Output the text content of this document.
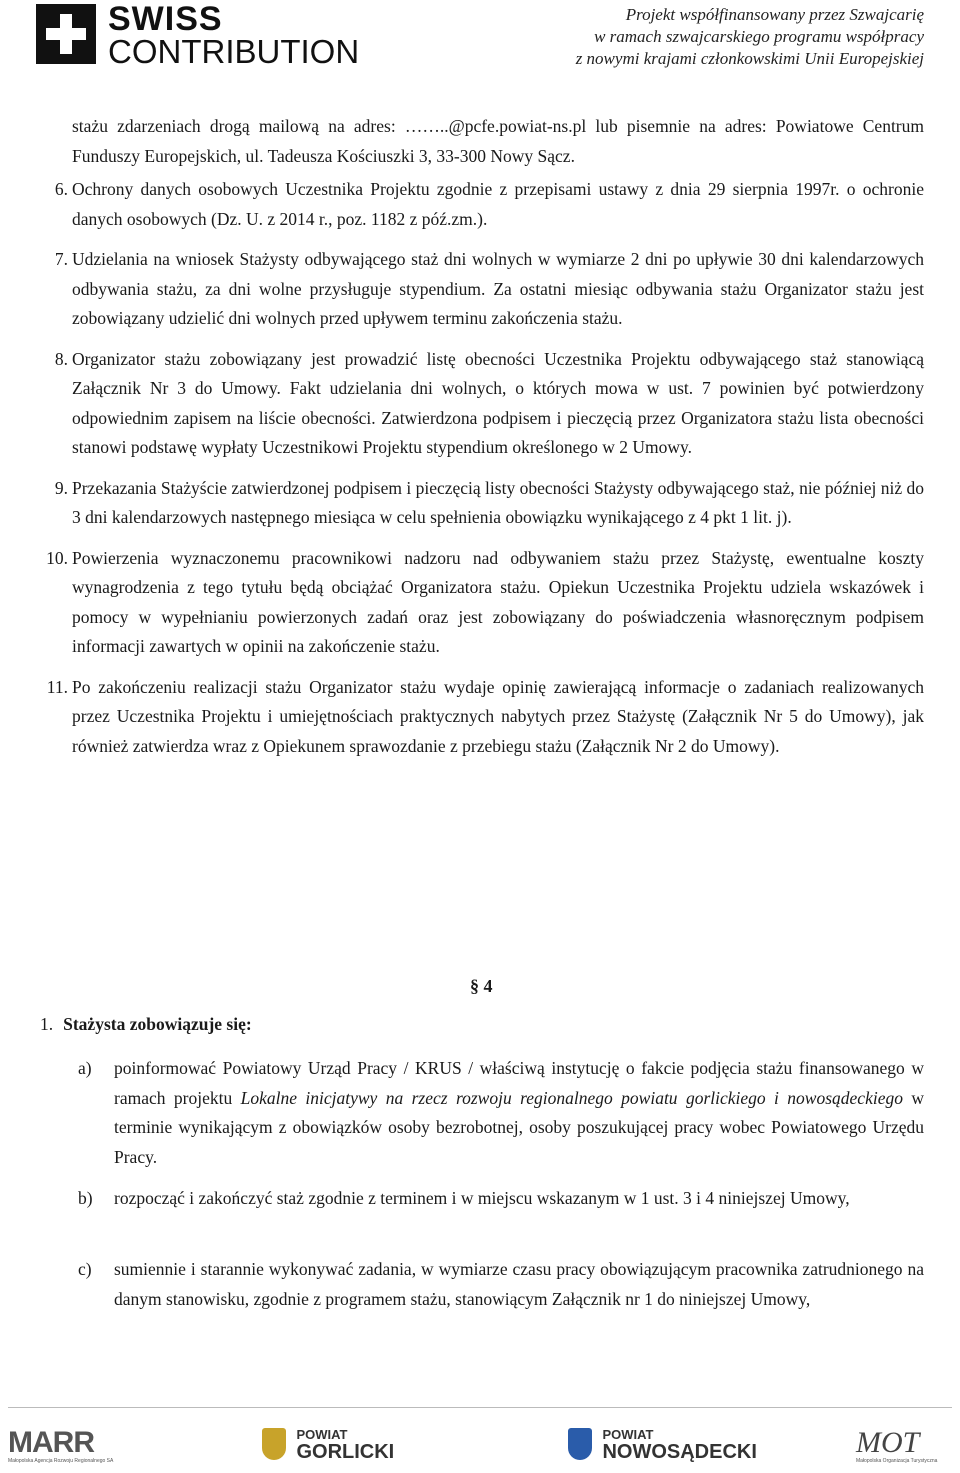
SWISS
CONTRIBUTION
Projekt współfinansowany przez Szwajcarię
w ramach szwajcarskiego programu współpracy
z nowymi krajami członkowskimi Unii Europejskiej

stażu zdarzeniach drogą mailową na adres: ……..@pcfe.powiat-ns.pl lub pisemnie na adres: Powiatowe Centrum Funduszy Europejskich, ul. Tadeusza Kościuszki 3, 33-300 Nowy Sącz.

6. Ochrony danych osobowych Uczestnika Projektu zgodnie z przepisami ustawy z dnia 29 sierpnia 1997r. o ochronie danych osobowych (Dz. U. z 2014 r., poz. 1182 z póź.zm.).
7. Udzielania na wniosek Stażysty odbywającego staż dni wolnych w wymiarze 2 dni po upływie 30 dni kalendarzowych odbywania stażu, za dni wolne przysługuje stypendium. Za ostatni miesiąc odbywania stażu Organizator stażu jest zobowiązany udzielić dni wolnych przed upływem terminu zakończenia stażu.
8. Organizator stażu zobowiązany jest prowadzić listę obecności Uczestnika Projektu odbywającego staż stanowiącą Załącznik Nr 3 do Umowy. Fakt udzielania dni wolnych, o których mowa w ust. 7 powinien być potwierdzony odpowiednim zapisem na liście obecności. Zatwierdzona podpisem i pieczęcią przez Organizatora stażu lista obecności stanowi podstawę wypłaty Uczestnikowi Projektu stypendium określonego w 2 Umowy.
9. Przekazania Stażyście zatwierdzonej podpisem i pieczęcią listy obecności Stażysty odbywającego staż, nie później niż do 3 dni kalendarzowych następnego miesiąca w celu spełnienia obowiązku wynikającego z 4 pkt 1 lit. j).
10. Powierzenia wyznaczonemu pracownikowi nadzoru nad odbywaniem stażu przez Stażystę, ewentualne koszty wynagrodzenia z tego tytułu będą obciążać Organizatora stażu. Opiekun Uczestnika Projektu udziela wskazówek i pomocy w wypełnianiu powierzonych zadań oraz jest zobowiązany do poświadczenia własnoręcznym podpisem informacji zawartych w opinii na zakończenie stażu.
11. Po zakończeniu realizacji stażu Organizator stażu wydaje opinię zawierającą informacje o zadaniach realizowanych przez Uczestnika Projektu i umiejętnościach praktycznych nabytych przez Stażystę (Załącznik Nr 5 do Umowy), jak również zatwierdza wraz z Opiekunem sprawozdanie z przebiegu stażu (Załącznik Nr 2 do Umowy).
§ 4
1. Stażysta zobowiązuje się:
a) poinformować Powiatowy Urząd Pracy / KRUS / właściwą instytucję o fakcie podjęcia stażu finansowanego w ramach projektu Lokalne inicjatywy na rzecz rozwoju regionalnego powiatu gorlickiego i nowosądeckiego w terminie wynikającym z obowiązków osoby bezrobotnej, osoby poszukującej pracy wobec Powiatowego Urzędu Pracy.
b) rozpocząć i zakończyć staż zgodnie z terminem i w miejscu wskazanym w 1 ust. 3 i 4 niniejszej Umowy,
c) sumiennie i starannie wykonywać zadania, w wymiarze czasu pracy obowiązującym pracownika zatrudnionego na danym stanowisku, zgodnie z programem stażu, stanowiącym Załącznik nr 1 do niniejszej Umowy,
MARR
Małopolska Agencja Rozwoju Regionalnego SA

POWIAT
GORLICKI

POWIAT
NOWOSĄDECKI	MOT
Małopolska Organizacja Turystyczna
